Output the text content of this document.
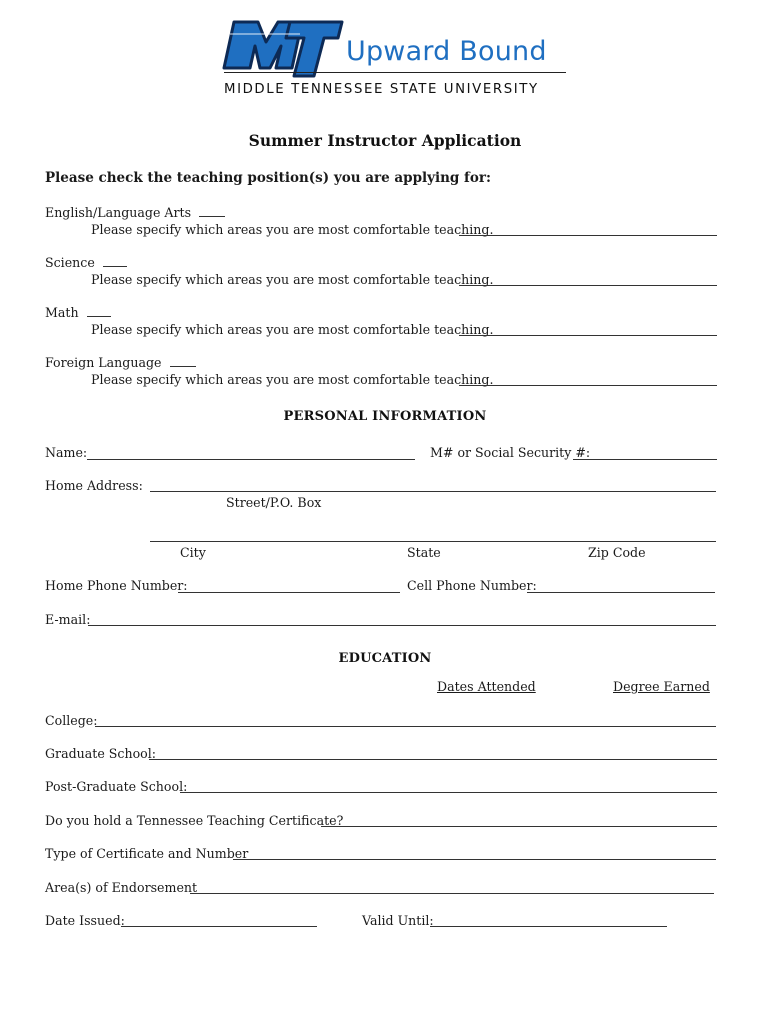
Upward Bound
MIDDLE TENNESSEE STATE UNIVERSITY
Summer Instructor Application
Please check the teaching position(s) you are applying for:
English/Language Arts
Please specify which areas you are most comfortable teaching.
Science
Please specify which areas you are most comfortable teaching.
Math
Please specify which areas you are most comfortable teaching.
Foreign Language
Please specify which areas you are most comfortable teaching.
PERSONAL INFORMATION
Name:	M# or Social Security #:
Home Address:
Street/P.O. Box
City	State	Zip Code
Home Phone Number:	Cell Phone Number:
E-mail:
EDUCATION
Dates Attended	Degree Earned
College:
Graduate School:
Post-Graduate School:
Do you hold a Tennessee Teaching Certificate?
Type of Certificate and Number
Area(s) of Endorsement
Date Issued:	Valid Until:
